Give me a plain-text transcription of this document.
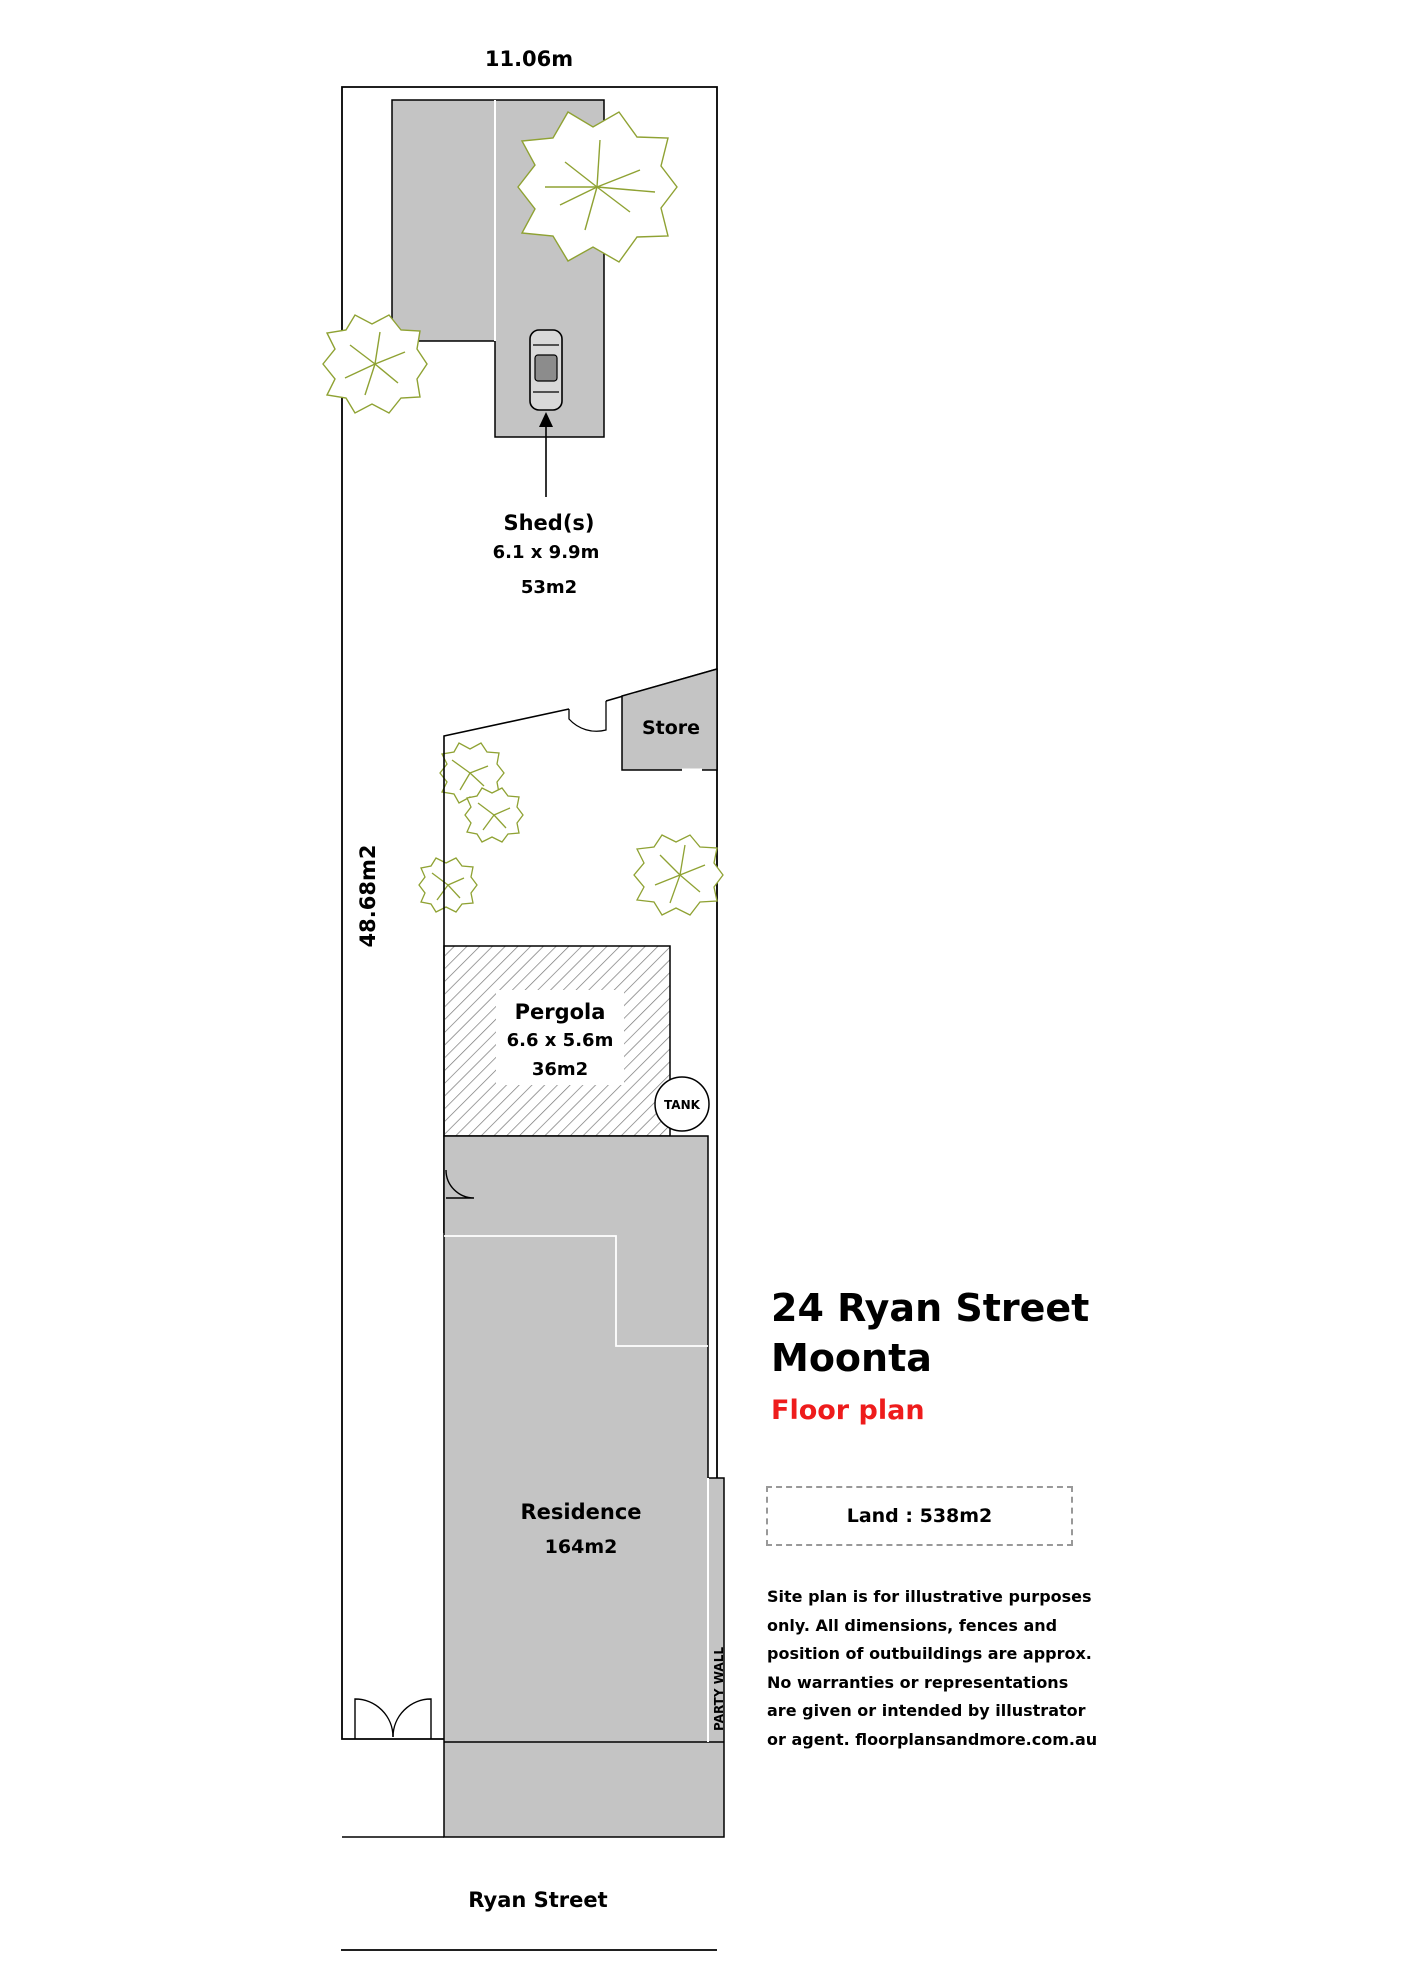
11.06m
48.68m2
Shed(s)
6.1 x 9.9m
53m2
Store
Pergola
6.6 x 5.6m
36m2
TANK
Residence
164m2
PARTY WALL
Ryan Street
24 Ryan Street
Moonta
Floor plan
Land : 538m2
Site plan is for illustrative purposes
only. All dimensions, fences and
position of outbuildings are approx.
No warranties or representations
are given or intended by illustrator
or agent. floorplansandmore.com.au
